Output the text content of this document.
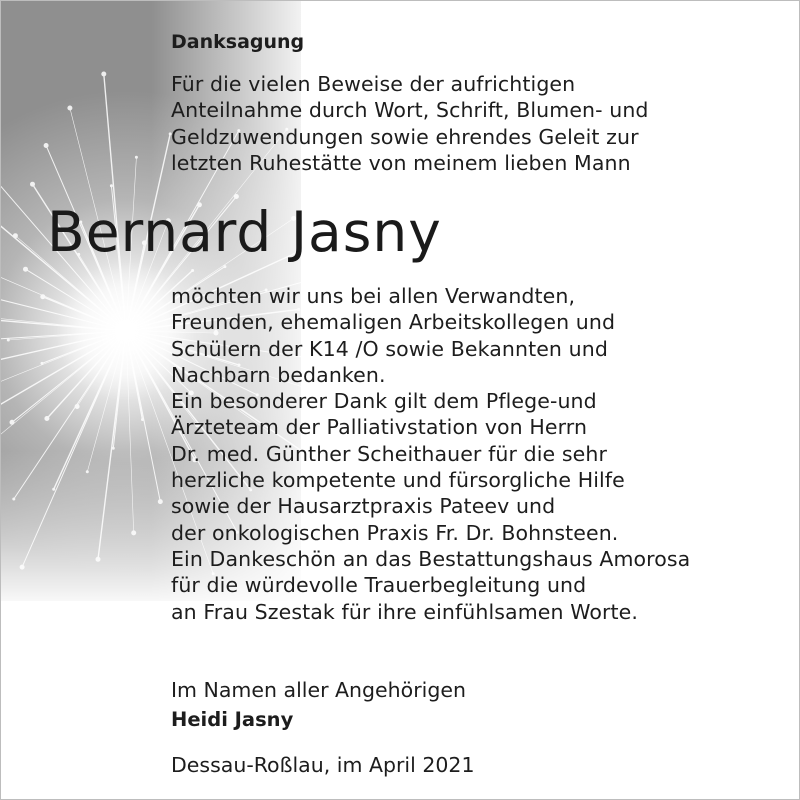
Danksagung
Für die vielen Beweise der aufrichtigen
Anteilnahme durch Wort, Schrift, Blumen- und
Geldzuwendungen sowie ehrendes Geleit zur
letzten Ruhestätte von meinem lieben Mann
Bernard Jasny
möchten wir uns bei allen Verwandten,
Freunden, ehemaligen Arbeitskollegen und
Schülern der K14 /O sowie Bekannten und
Nachbarn bedanken.
Ein besonderer Dank gilt dem Pflege-und
Ärzteteam der Palliativstation von Herrn
Dr. med. Günther Scheithauer für die sehr
herzliche kompetente und fürsorgliche Hilfe
sowie der Hausarztpraxis Pateev und
der onkologischen Praxis Fr. Dr. Bohnsteen.
Ein Dankeschön an das Bestattungshaus Amorosa
für die würdevolle Trauerbegleitung und
an Frau Szestak für ihre einfühlsamen Worte.
Im Namen aller Angehörigen
Heidi Jasny
Dessau-Roßlau, im April 2021
